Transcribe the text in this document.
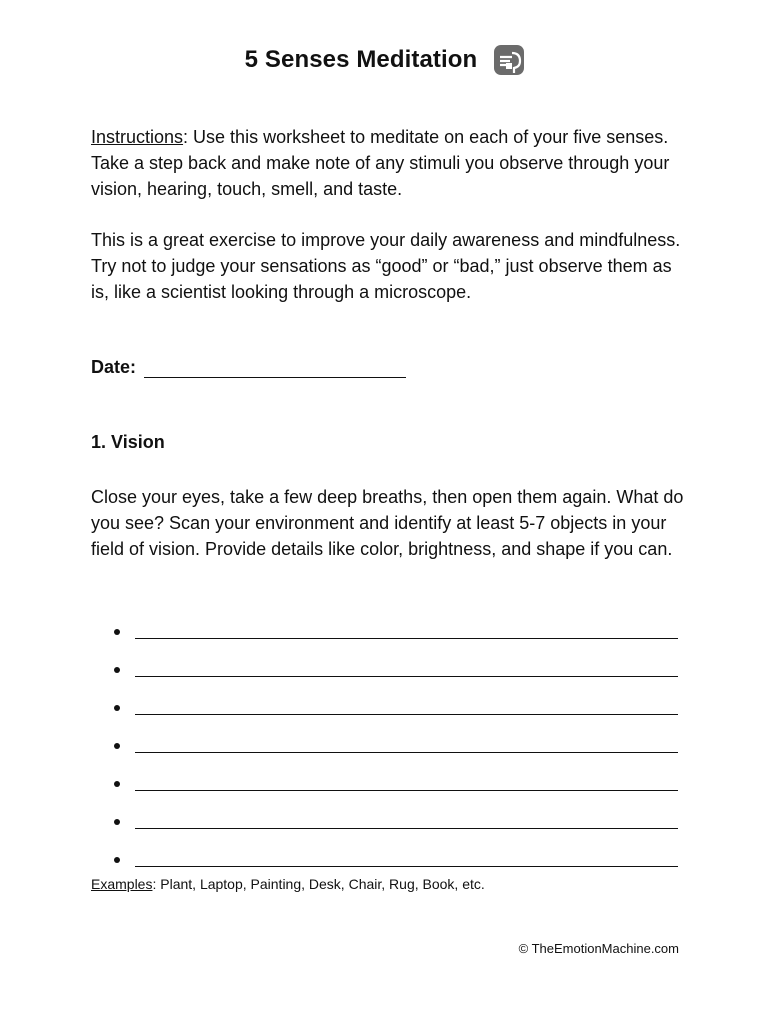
5 Senses Meditation

Instructions: Use this worksheet to meditate on each of your five senses. Take a step back and make note of any stimuli you observe through your vision, hearing, touch, smell, and taste.

This is a great exercise to improve your daily awareness and mindfulness. Try not to judge your sensations as “good” or “bad,” just observe them as is, like a scientist looking through a microscope.

Date:
1. Vision

Close your eyes, take a few deep breaths, then open them again. What do you see? Scan your environment and identify at least 5-7 objects in your field of vision. Provide details like color, brightness, and shape if you can.

Examples: Plant, Laptop, Painting, Desk, Chair, Rug, Book, etc.
© TheEmotionMachine.com
